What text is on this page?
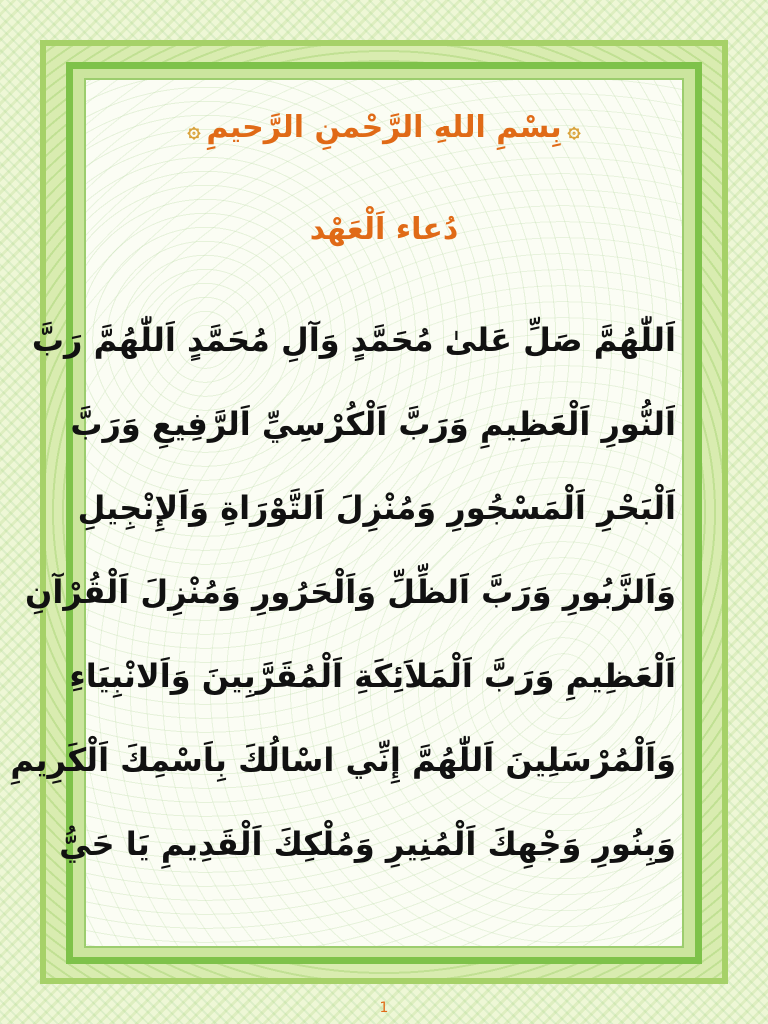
۞بِسْمِ اللهِ الرَّحْمنِ الرَّحيمِ۞
دُعاء اَلْعَهْد
اَللّٰهُمَّ صَلِّ عَلىٰ مُحَمَّدٍ وَآلِ مُحَمَّدٍ اَللّٰهُمَّ رَبَّ
اَلنُّورِ اَلْعَظِيمِ وَرَبَّ اَلْكُرْسِيِّ اَلرَّفِيعِ وَرَبَّ
اَلْبَحْرِ اَلْمَسْجُورِ وَمُنْزِلَ اَلتَّوْرَاةِ وَاَلإِنْجِيلِ
وَاَلزَّبُورِ وَرَبَّ اَلظِّلِّ وَاَلْحَرُورِ وَمُنْزِلَ اَلْقُرْآنِ
اَلْعَظِيمِ وَرَبَّ اَلْمَلاَئِكَةِ اَلْمُقَرَّبِينَ وَاَلانْبِيَاءِ
وَاَلْمُرْسَلِينَ اَللّٰهُمَّ إِنِّي اسْالُكَ بِاَسْمِكَ اَلْكَرِيمِ
وَبِنُورِ وَجْهِكَ اَلْمُنِيرِ وَمُلْكِكَ اَلْقَدِيمِ يَا حَيُّ
1
